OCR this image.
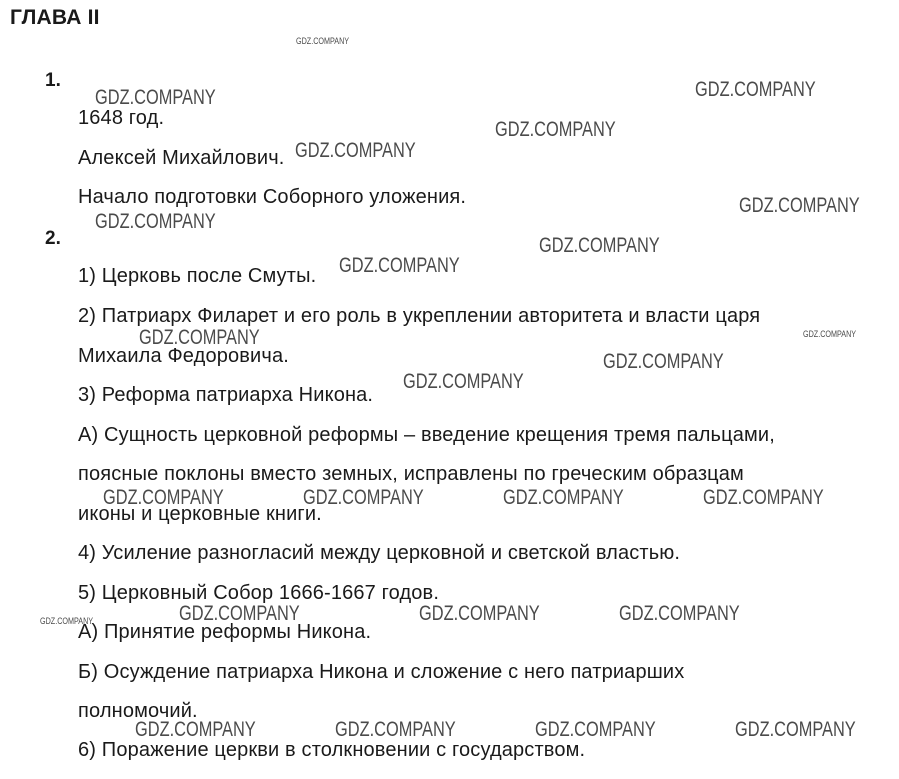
ГЛАВА II
1.

1648 год.

Алексей Михайлович.

Начало подготовки Соборного уложения.

2.

1) Церковь после Смуты.

2) Патриарх Филарет и его роль в укреплении авторитета и власти царя

Михаила Федоровича.

3) Реформа патриарха Никона.

А) Сущность церковной реформы – введение крещения тремя пальцами,

поясные поклоны вместо земных, исправлены по греческим образцам

иконы и церковные книги.

4) Усиление разногласий между церковной и светской властью.

5) Церковный Собор 1666-1667 годов.

А) Принятие реформы Никона.

Б) Осуждение патриарха Никона и сложение с него патриарших

полномочий.

6) Поражение церкви в столкновении с государством.

GDZ.COMPANY
GDZ.COMPANY	GDZ.COMPANY
GDZ.COMPANY
GDZ.COMPANY
GDZ.COMPANY
GDZ.COMPANY
GDZ.COMPANY
GDZ.COMPANY
GDZ.COMPANY
GDZ.COMPANY
GDZ.COMPANY
GDZ.COMPANY
GDZ.COMPANY	GDZ.COMPANY	GDZ.COMPANY	GDZ.COMPANY
GDZ.COMPANY	GDZ.COMPANY	GDZ.COMPANY	GDZ.COMPANY
GDZ.COMPANY	GDZ.COMPANY	GDZ.COMPANY	GDZ.COMPANY
